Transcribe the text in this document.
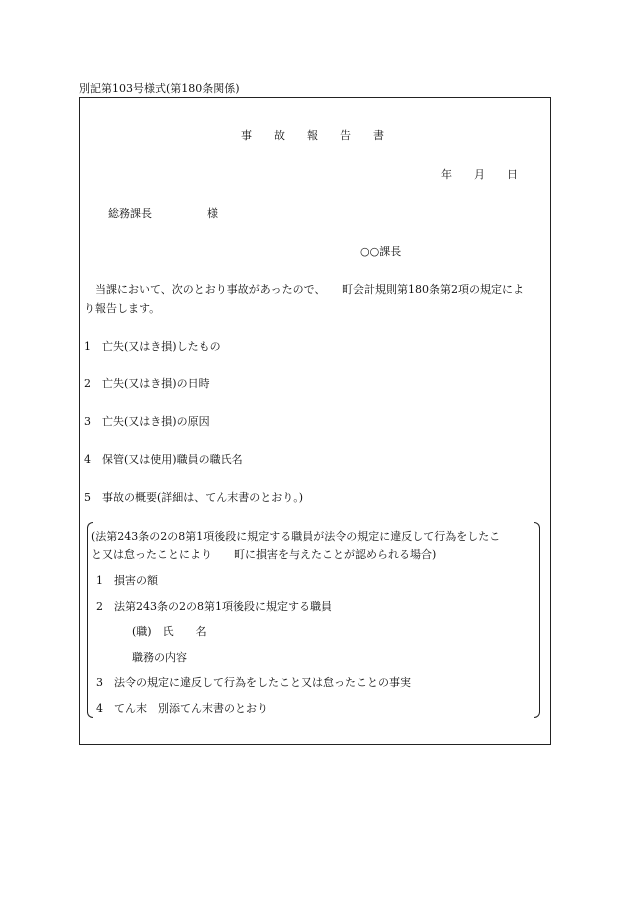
別記第103号様式(第180条関係)
事　　故　　報　　告　　書
年　　月　　日
総務課長　　　　　様
○○課長
　当課において、次のとおり事故があったので、　　町会計規則第180条第2項の規定によ
り報告します。
1　亡失(又はき損)したもの
2　亡失(又はき損)の日時
3　亡失(又はき損)の原因
4　保管(又は使用)職員の職氏名
5　事故の概要(詳細は、てん末書のとおり。)
(法第243条の2の8第1項後段に規定する職員が法令の規定に違反して行為をしたこ
と又は怠ったことにより　　町に損害を与えたことが認められる場合)
1　損害の額
2　法第243条の2の8第1項後段に規定する職員
(職)　氏　　名
職務の内容
3　法令の規定に違反して行為をしたこと又は怠ったことの事実
4　てん末　別添てん末書のとおり
